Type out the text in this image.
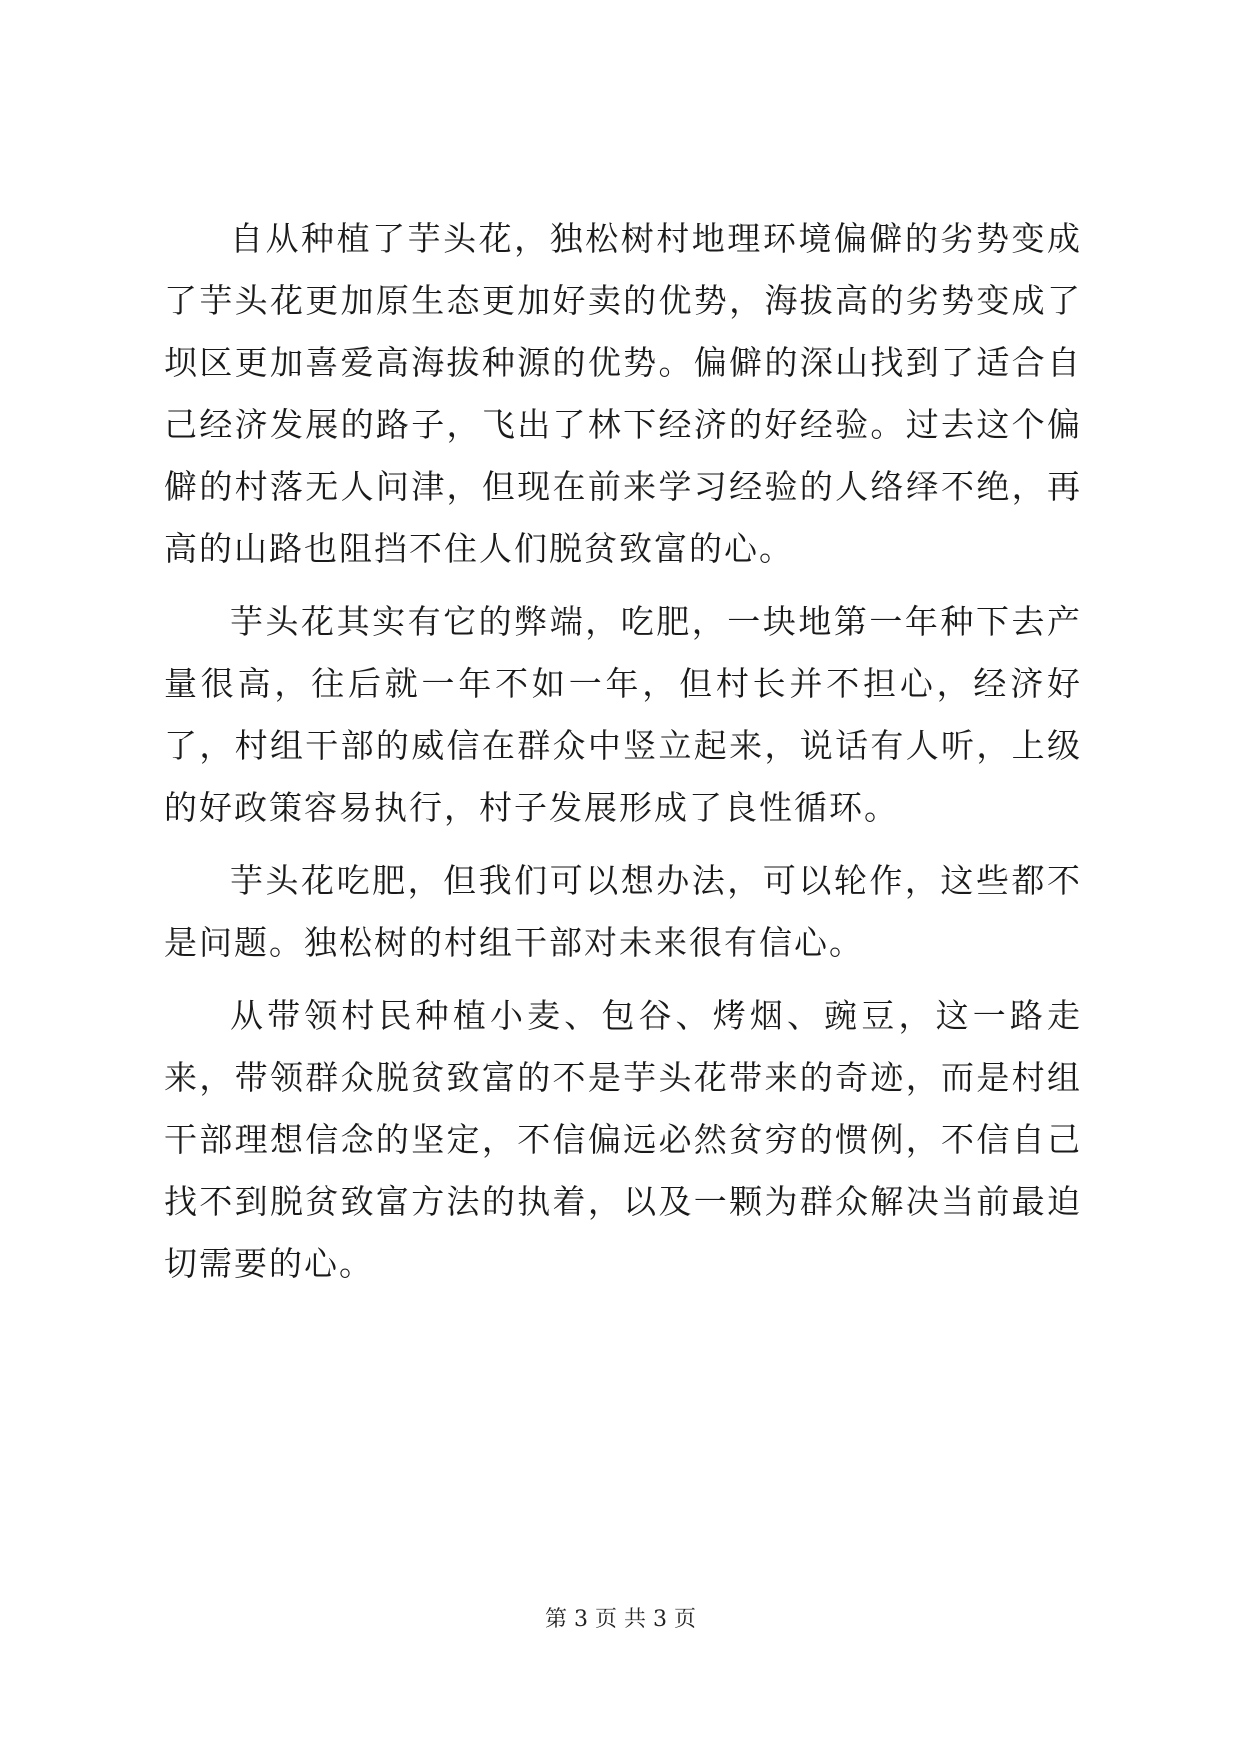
自从种植了芋头花，独松树村地理环境偏僻的劣势变成了芋头花更加原生态更加好卖的优势，海拔高的劣势变成了坝区更加喜爱高海拔种源的优势。偏僻的深山找到了适合自己经济发展的路子，飞出了林下经济的好经验。过去这个偏僻的村落无人问津，但现在前来学习经验的人络绎不绝，再高的山路也阻挡不住人们脱贫致富的心。

芋头花其实有它的弊端，吃肥，一块地第一年种下去产量很高，往后就一年不如一年，但村长并不担心，经济好了，村组干部的威信在群众中竖立起来，说话有人听，上级的好政策容易执行，村子发展形成了良性循环。

芋头花吃肥，但我们可以想办法，可以轮作，这些都不是问题。独松树的村组干部对未来很有信心。

从带领村民种植小麦、包谷、烤烟、豌豆，这一路走来，带领群众脱贫致富的不是芋头花带来的奇迹，而是村组干部理想信念的坚定，不信偏远必然贫穷的惯例，不信自己找不到脱贫致富方法的执着，以及一颗为群众解决当前最迫切需要的心。

第 3 页 共 3 页
